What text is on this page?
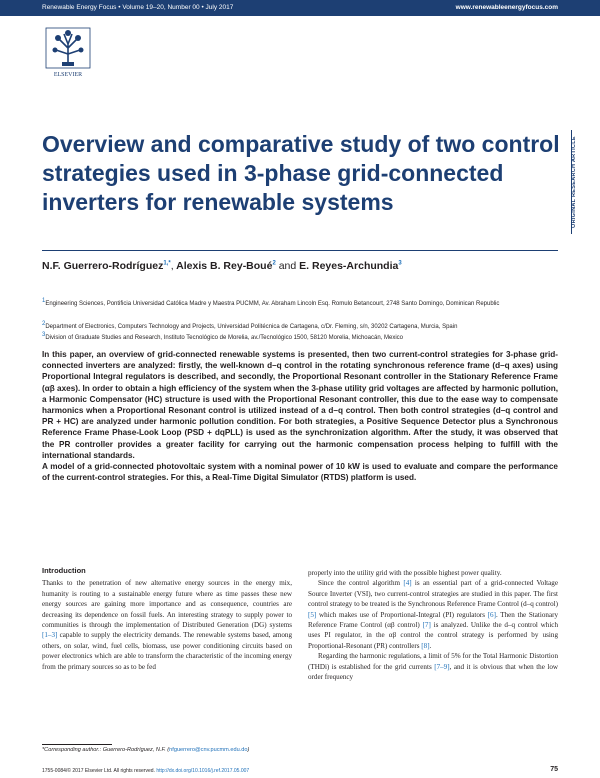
Renewable Energy Focus • Volume 19–20, Number 00 • July 2017	www.renewableenergyfocus.com
ELSEVIER
Overview and comparative study of two control strategies used in 3-phase grid-connected inverters for renewable systems	ORIGINAL RESEARCH ARTICLE
N.F. Guerrero-Rodríguez$^{1,*}$, Alexis B. Rey-Boué$^2$ and E. Reyes-Archundia$^3$
$^1$Engineering Sciences, Pontificia Universidad Católica Madre y Maestra PUCMM, Av. Abraham Lincoln Esq. Romulo Betancourt, 2748 Santo Domingo, Dominican Republic
$^2$Department of Electronics, Computers Technology and Projects, Universidad Politécnica de Cartagena, c/Dr. Fleming, s/n, 30202 Cartagena, Murcia, Spain
$^3$Division of Graduate Studies and Research, Instituto Tecnológico de Morelia, av./Tecnológico 1500, 58120 Morelia, Michoacán, Mexico

In this paper, an overview of grid-connected renewable systems is presented, then two current-control strategies for 3-phase grid-connected inverters are analyzed: firstly, the well-known d–q control in the rotating synchronous reference frame (d–q axes) using Proportional Integral regulators is described, and secondly, the Proportional Resonant controller in the Stationary Reference Frame (αβ axes). In order to obtain a high efficiency of the system when the 3-phase utility grid voltages are affected by harmonic pollution, a Harmonic Compensator (HC) structure is used with the Proportional Resonant controller, this due to the ease way to compensate harmonics when a Proportional Resonant control is utilized instead of a d–q control. Then both control strategies (d–q control and PR + HC) are analyzed under harmonic pollution condition. For both strategies, a Positive Sequence Detector plus a Synchronous Reference Frame Phase-Look Loop (PSD + dqPLL) is used as the synchronization algorithm. After the study, it was observed that the PR controller provides a greater facility for carrying out the harmonic compensation process helping to fulfill with the international standards.

A model of a grid-connected photovoltaic system with a nominal power of 10 kW is used to evaluate and compare the performance of the current-control strategies. For this, a Real-Time Digital Simulator (RTDS) platform is used.

Introduction

Thanks to the penetration of new alternative energy sources in the energy mix, humanity is routing to a sustainable energy future where as time passes these new energy sources are gaining more importance and as consequence, countries are decreasing its dependence on fossil fuels. An interesting strategy to supply power to communities is through the implementation of Distributed Generation (DG) systems [1–3] capable to supply the electricity demands. The renewable systems based, among others, on solar, wind, fuel cells, biomass, use power conditioning circuits based on power electronics which are able to transform the characteristic of the incoming energy from the primary sources so as to be fed

properly into the utility grid with the possible highest power quality.

Since the control algorithm [4] is an essential part of a grid-connected Voltage Source Inverter (VSI), two current-control strategies are studied in this paper. The first control strategy to be treated is the Synchronous Reference Frame Control (d–q control) [5] which makes use of Proportional-Integral (PI) regulators [6]. Then the Stationary Reference Frame Control (αβ control) [7] is analyzed. Unlike the d–q control which uses PI regulator, in the αβ control the control strategy is performed by using Proportional-Resonant (PR) controllers [8].

Regarding the harmonic regulations, a limit of 5% for the Total Harmonic Distortion (THDi) is established for the grid currents [7–9], and it is obvious that when the low order frequency

*Corresponding author.: Guerrero-Rodríguez, N.F. (nfguerrero@cnv.pucmm.edu.do)
1755-0084/© 2017 Elsevier Ltd. All rights reserved. http://dx.doi.org/10.1016/j.ref.2017.05.007	75
